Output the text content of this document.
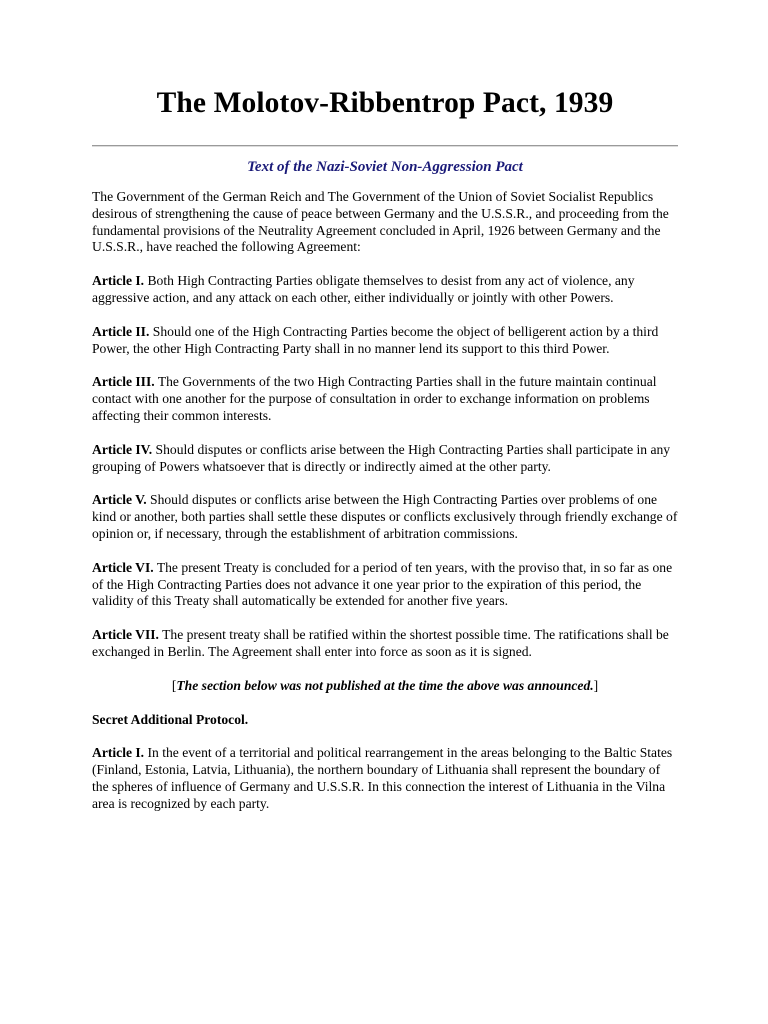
The Molotov-Ribbentrop Pact, 1939
Text of the Nazi-Soviet Non-Aggression Pact

The Government of the German Reich and The Government of the Union of Soviet Socialist Republics desirous of strengthening the cause of peace between Germany and the U.S.S.R., and proceeding from the fundamental provisions of the Neutrality Agreement concluded in April, 1926 between Germany and the U.S.S.R., have reached the following Agreement:

Article I. Both High Contracting Parties obligate themselves to desist from any act of violence, any aggressive action, and any attack on each other, either individually or jointly with other Powers.

Article II. Should one of the High Contracting Parties become the object of belligerent action by a third Power, the other High Contracting Party shall in no manner lend its support to this third Power.

Article III. The Governments of the two High Contracting Parties shall in the future maintain continual contact with one another for the purpose of consultation in order to exchange information on problems affecting their common interests.

Article IV. Should disputes or conflicts arise between the High Contracting Parties shall participate in any grouping of Powers whatsoever that is directly or indirectly aimed at the other party.

Article V. Should disputes or conflicts arise between the High Contracting Parties over problems of one kind or another, both parties shall settle these disputes or conflicts exclusively through friendly exchange of opinion or, if necessary, through the establishment of arbitration commissions.

Article VI. The present Treaty is concluded for a period of ten years, with the proviso that, in so far as one of the High Contracting Parties does not advance it one year prior to the expiration of this period, the validity of this Treaty shall automatically be extended for another five years.

Article VII. The present treaty shall be ratified within the shortest possible time. The ratifications shall be exchanged in Berlin. The Agreement shall enter into force as soon as it is signed.

[The section below was not published at the time the above was announced.]
Secret Additional Protocol.

Article I. In the event of a territorial and political rearrangement in the areas belonging to the Baltic States (Finland, Estonia, Latvia, Lithuania), the northern boundary of Lithuania shall represent the boundary of the spheres of influence of Germany and U.S.S.R. In this connection the interest of Lithuania in the Vilna area is recognized by each party.
